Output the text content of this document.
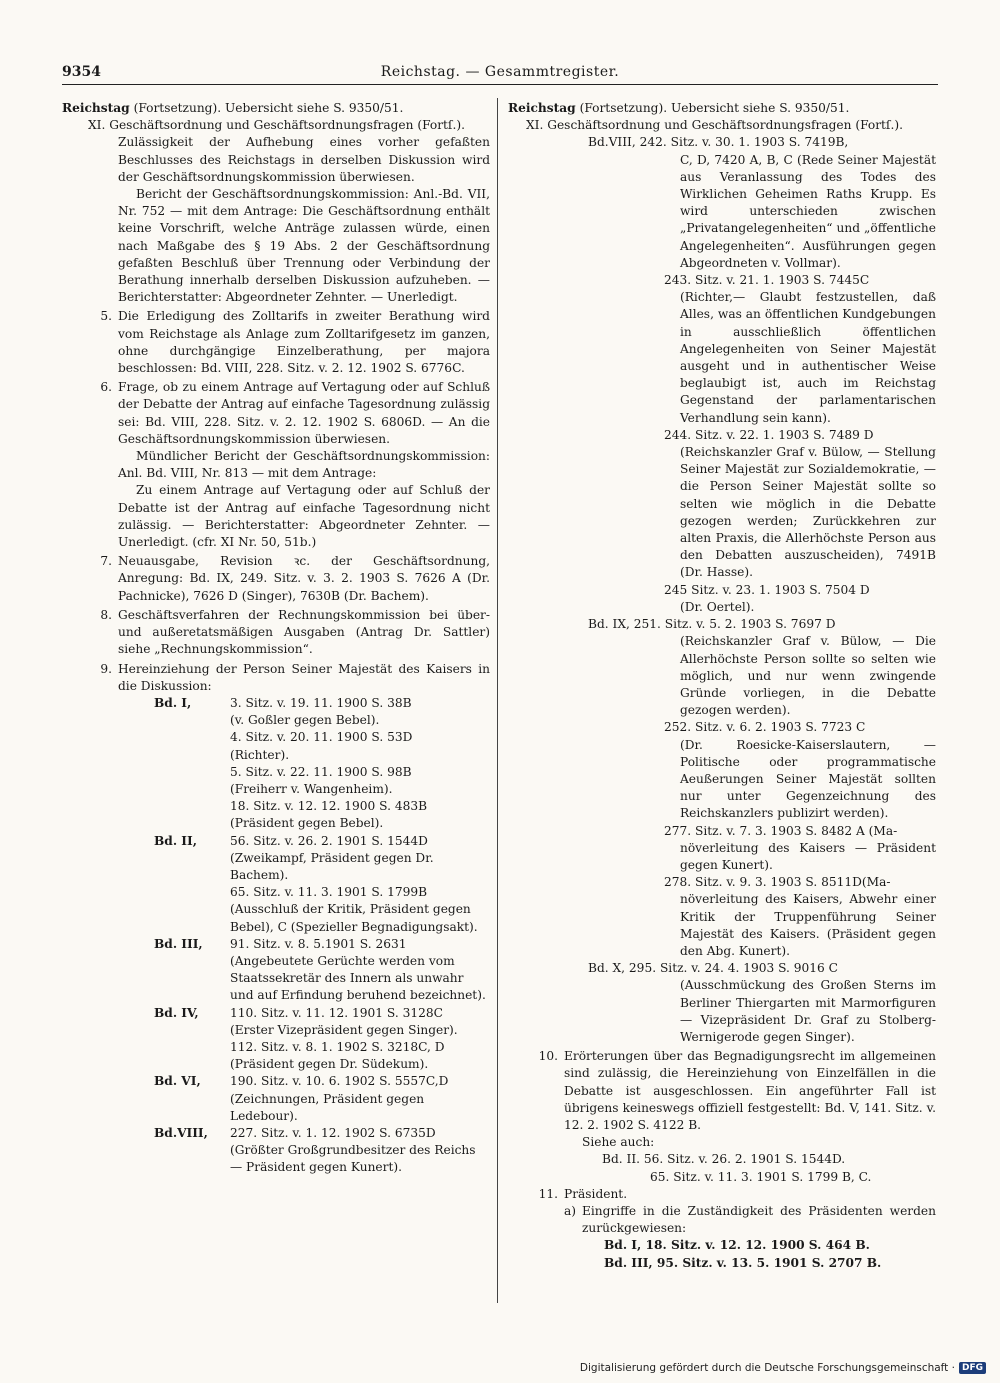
9354	Reichstag. — Gesammtregister.

Reichstag (Fortsetzung). Uebersicht siehe S. 9350/51.

XI. Geschäftsordnung und Geschäftsordnungsfragen (Fortſ.).

Zulässigkeit der Aufhebung eines vorher gefaßten Beschlusses des Reichstags in derselben Diskussion wird der Geschäftsordnungskommission überwiesen.

Bericht der Geschäftsordnungskommission: Anl.-Bd. VII, Nr. 752 — mit dem Antrage: Die Geschäftsordnung enthält keine Vorschrift, welche Anträge zulassen würde, einen nach Maßgabe des § 19 Abs. 2 der Geschäftsordnung gefaßten Beschluß über Trennung oder Verbindung der Berathung innerhalb derselben Diskussion aufzuheben. — Berichterstatter: Abgeordneter Zehnter. — Unerledigt.

5. Die Erledigung des Zolltarifs in zweiter Berathung wird vom Reichstage als Anlage zum Zolltarifgesetz im ganzen, ohne durchgängige Einzelberathung, per majora beschlossen: Bd. VIII, 228. Sitz. v. 2. 12. 1902 S. 6776C.
6. Frage, ob zu einem Antrage auf Vertagung oder auf Schluß der Debatte der Antrag auf einfache Tagesordnung zulässig sei: Bd. VIII, 228. Sitz. v. 2. 12. 1902 S. 6806D. — An die Geschäftsordnungskommission überwiesen.

Mündlicher Bericht der Geschäftsordnungskommission: Anl. Bd. VIII, Nr. 813 — mit dem Antrage:

Zu einem Antrage auf Vertagung oder auf Schluß der Debatte ist der Antrag auf einfache Tagesordnung nicht zulässig. — Berichterstatter: Abgeordneter Zehnter. — Unerledigt. (cfr. XI Nr. 50, 51b.)

7. Neuausgabe, Revision ꝛc. der Geschäftsordnung, Anregung: Bd. IX, 249. Sitz. v. 3. 2. 1903 S. 7626 A (Dr. Pachnicke), 7626 D (Singer), 7630B (Dr. Bachem).
8. Geschäftsverfahren der Rechnungskommission bei über- und außeretatsmäßigen Ausgaben (Antrag Dr. Sattler) siehe „Rechnungskommission“.
9. Hereinziehung der Person Seiner Majestät des Kaisers in die Diskussion:
Bd. I,	3. Sitz. v. 19. 11. 1900 S. 38B
(v. Goßler gegen Bebel).
4. Sitz. v. 20. 11. 1900 S. 53D
(Richter).
5. Sitz. v. 22. 11. 1900 S. 98B
(Freiherr v. Wangenheim).
18. Sitz. v. 12. 12. 1900 S. 483B
(Präsident gegen Bebel).
Bd. II,	56. Sitz. v. 26. 2. 1901 S. 1544D
(Zweikampf, Präsident gegen Dr. Bachem).
65. Sitz. v. 11. 3. 1901 S. 1799B
(Ausschluß der Kritik, Präsident gegen Bebel), C (Spezieller Begnadigungsakt).
Bd. III,	91. Sitz. v. 8. 5.1901 S. 2631
(Angebeutete Gerüchte werden vom Staatssekretär des Innern als unwahr und auf Erfindung beruhend bezeichnet).
Bd. IV,	110. Sitz. v. 11. 12. 1901 S. 3128C
(Erster Vizepräsident gegen Singer).
112. Sitz. v. 8. 1. 1902 S. 3218C, D
(Präsident gegen Dr. Südekum).
Bd. VI,	190. Sitz. v. 10. 6. 1902 S. 5557C,D
(Zeichnungen, Präsident gegen Ledebour).
Bd.VIII,	227. Sitz. v. 1. 12. 1902 S. 6735D
(Größter Großgrundbesitzer des Reichs — Präsident gegen Kunert).

Reichstag (Fortsetzung). Uebersicht siehe S. 9350/51.

XI. Geschäftsordnung und Geschäftsordnungsfragen (Fortſ.).

Bd.VIII, 242. Sitz. v. 30. 1. 1903 S. 7419B,
C, D, 7420 A, B, C (Rede Seiner Majestät aus Veranlassung des Todes des Wirklichen Geheimen Raths Krupp. Es wird unterschieden zwischen „Privatangelegenheiten“ und „öffentliche Angelegenheiten“. Ausführungen gegen Abgeordneten v. Vollmar).
243. Sitz. v. 21. 1. 1903 S. 7445C
(Richter,— Glaubt festzustellen, daß Alles, was an öffentlichen Kundgebungen in ausschließlich öffentlichen Angelegenheiten von Seiner Majestät ausgeht und in authentischer Weise beglaubigt ist, auch im Reichstag Gegenstand der parlamentarischen Verhandlung sein kann).
244. Sitz. v. 22. 1. 1903 S. 7489 D
(Reichskanzler Graf v. Bülow, — Stellung Seiner Majestät zur Sozialdemokratie, — die Person Seiner Majestät sollte so selten wie möglich in die Debatte gezogen werden; Zurückkehren zur alten Praxis, die Allerhöchste Person aus den Debatten auszuscheiden), 7491B (Dr. Hasse).
245 Sitz. v. 23. 1. 1903 S. 7504 D
(Dr. Oertel).
Bd. IX, 251. Sitz. v. 5. 2. 1903 S. 7697 D
(Reichskanzler Graf v. Bülow, — Die Allerhöchste Person sollte so selten wie möglich, und nur wenn zwingende Gründe vorliegen, in die Debatte gezogen werden).
252. Sitz. v. 6. 2. 1903 S. 7723 C
(Dr. Roesicke-Kaiserslautern, — Politische oder programmatische Aeußerungen Seiner Majestät sollten nur unter Gegenzeichnung des Reichskanzlers publizirt werden).
277. Sitz. v. 7. 3. 1903 S. 8482 A (Ma-
növerleitung des Kaisers — Präsident gegen Kunert).
278. Sitz. v. 9. 3. 1903 S. 8511D(Ma-
növerleitung des Kaisers, Abwehr einer Kritik der Truppenführung Seiner Majestät des Kaisers. (Präsident gegen den Abg. Kunert).
Bd. X, 295. Sitz. v. 24. 4. 1903 S. 9016 C
(Ausschmückung des Großen Sterns im Berliner Thiergarten mit Marmorfiguren — Vizepräsident Dr. Graf zu Stolberg-Wernigerode gegen Singer).
10. Erörterungen über das Begnadigungsrecht im allgemeinen sind zulässig, die Hereinziehung von Einzelfällen in die Debatte ist ausgeschlossen. Ein angeführter Fall ist übrigens keineswegs offiziell festgestellt: Bd. V, 141. Sitz. v. 12. 2. 1902 S. 4122 B.

Siehe auch:

Bd. II. 56. Sitz. v. 26. 2. 1901 S. 1544D.

65. Sitz. v. 11. 3. 1901 S. 1799 B, C.

11. Präsident.

a) Eingriffe in die Zuständigkeit des Präsidenten werden zurückgewiesen:

Bd. I, 18. Sitz. v. 12. 12. 1900 S. 464 B.

Bd. III, 95. Sitz. v. 13. 5. 1901 S. 2707 B.

Digitalisierung gefördert durch die Deutsche Forschungsgemeinschaft · DFG
